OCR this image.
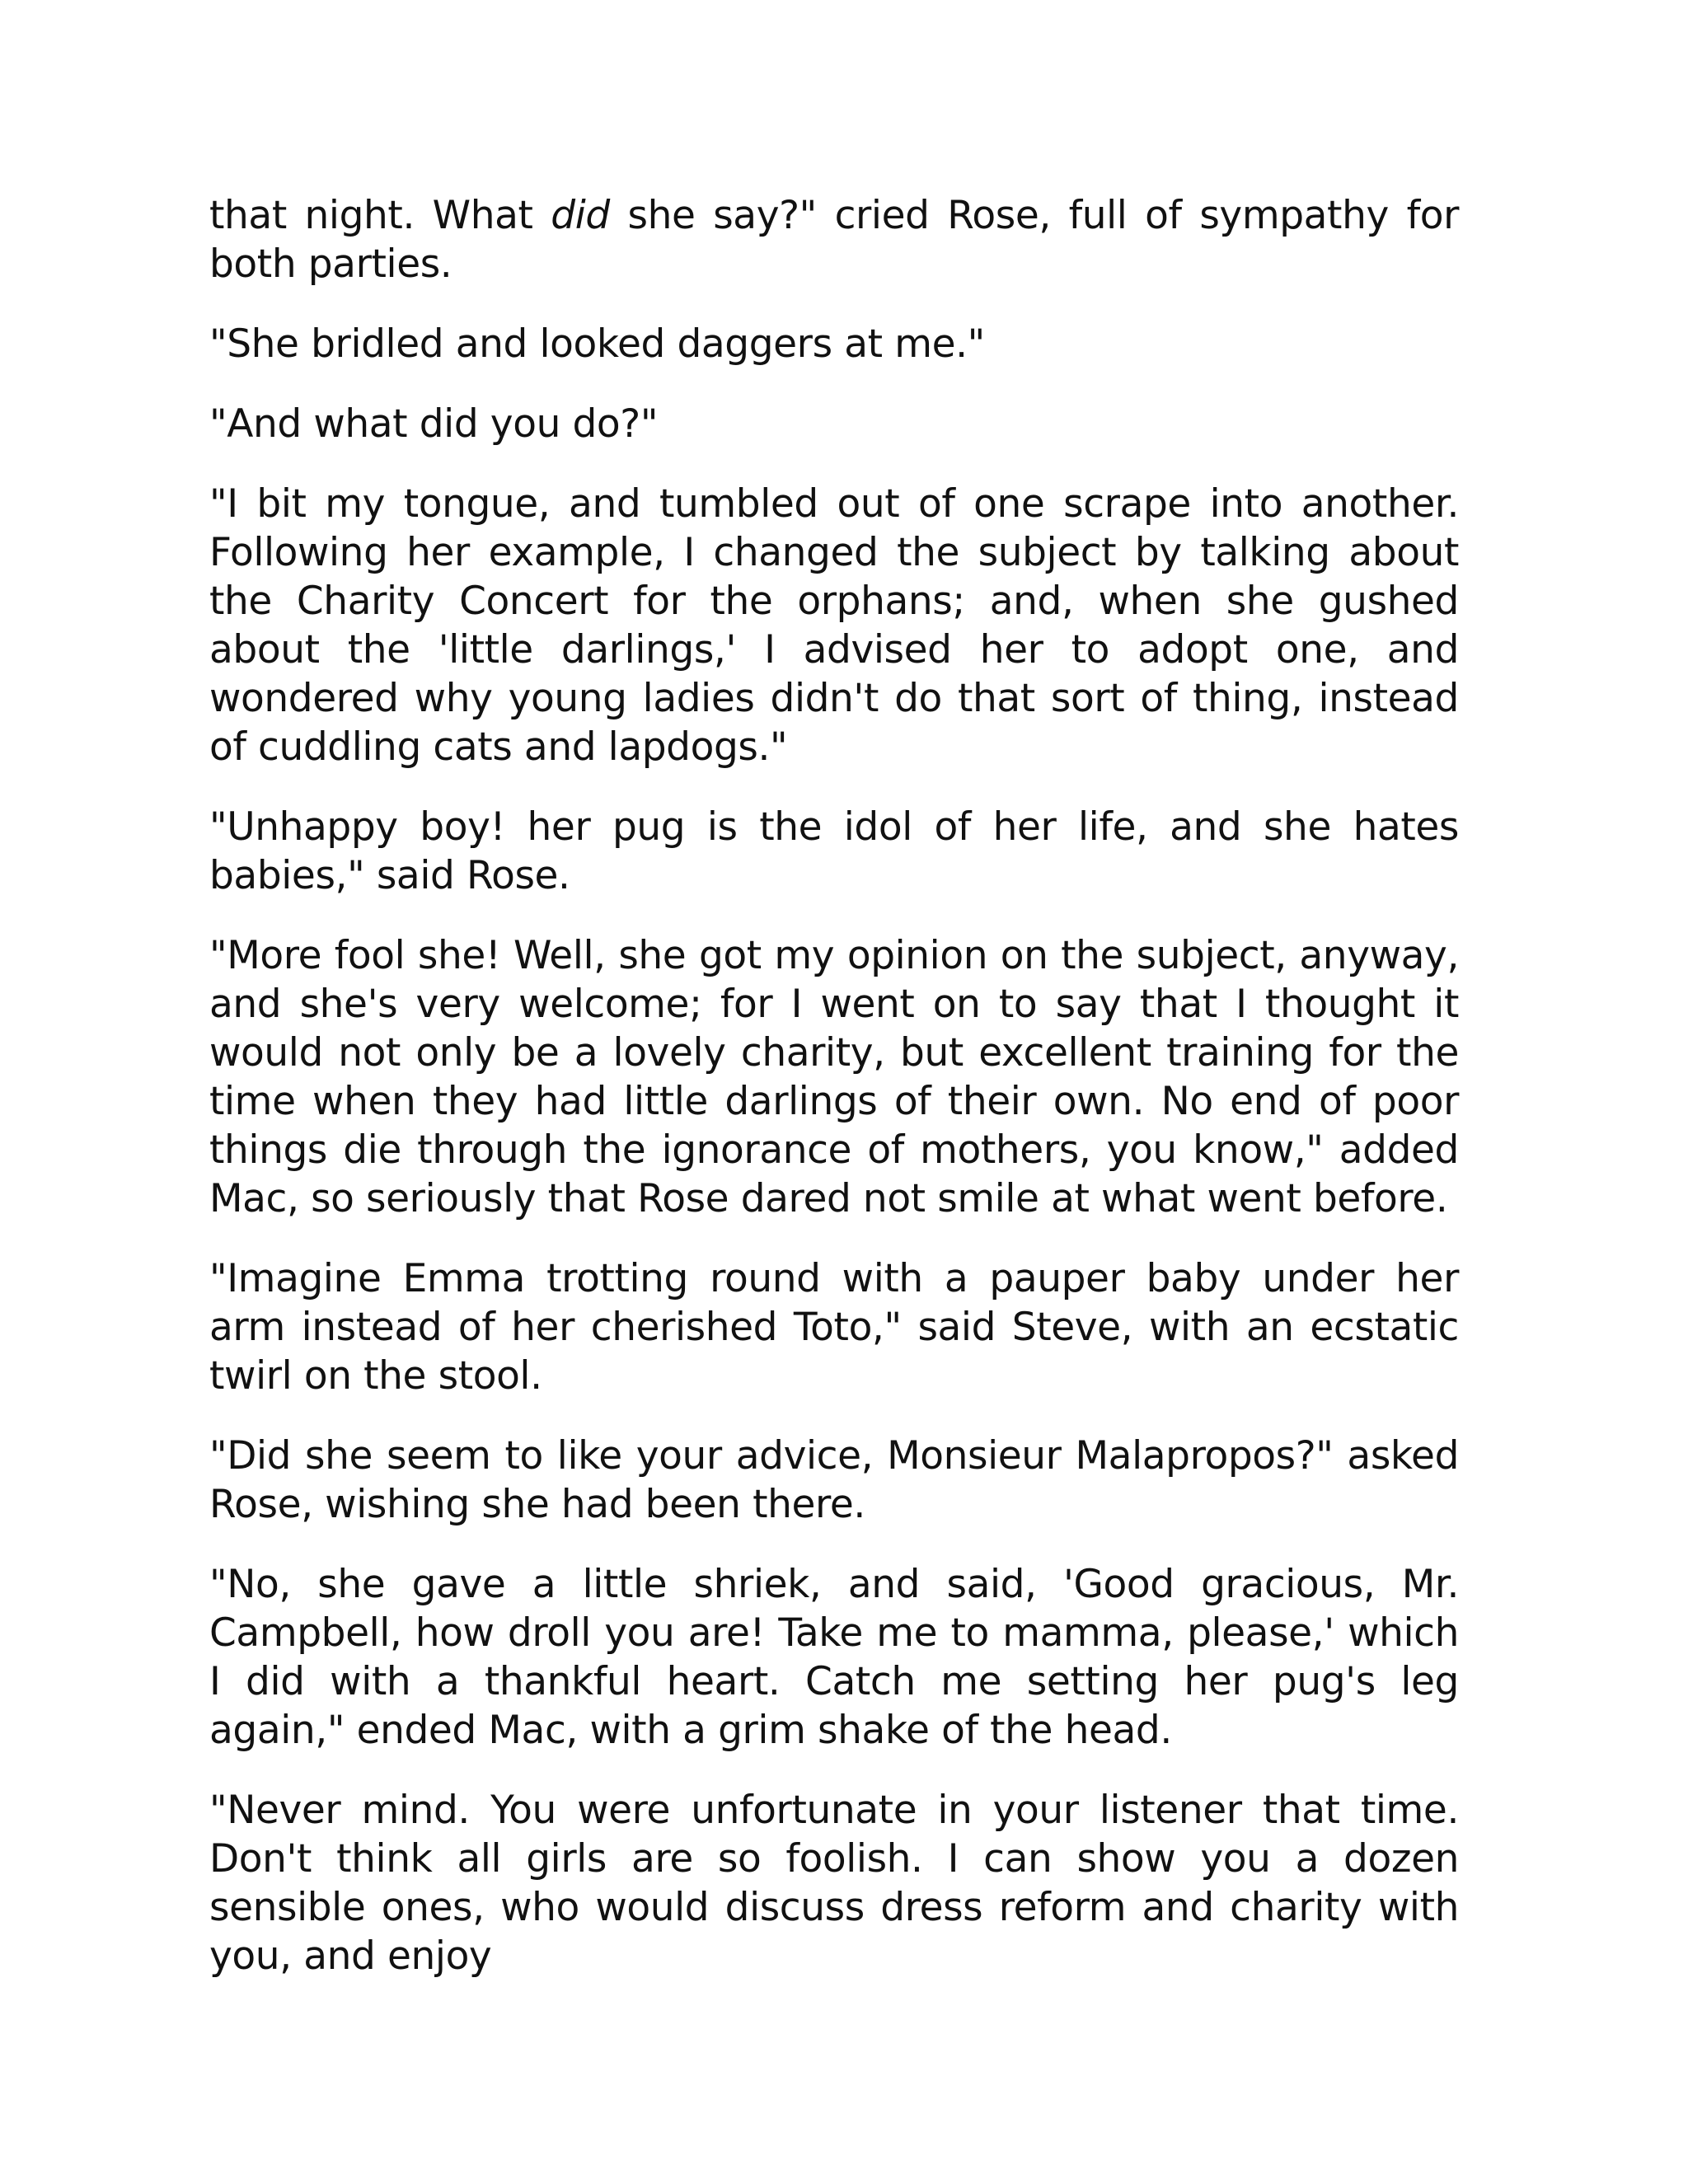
that night. What did she say?" cried Rose, full of sympathy for both parties.

"She bridled and looked daggers at me."

"And what did you do?"

"I bit my tongue, and tumbled out of one scrape into another. Following her example, I changed the subject by talking about the Charity Concert for the orphans; and, when she gushed about the 'little darlings,' I advised her to adopt one, and wondered why young ladies didn't do that sort of thing, instead of cuddling cats and lapdogs."

"Unhappy boy! her pug is the idol of her life, and she hates babies," said Rose.

"More fool she! Well, she got my opinion on the subject, anyway, and she's very welcome; for I went on to say that I thought it would not only be a lovely charity, but excellent training for the time when they had little darlings of their own. No end of poor things die through the ignorance of mothers, you know," added Mac, so seriously that Rose dared not smile at what went before.

"Imagine Emma trotting round with a pauper baby under her arm instead of her cherished Toto," said Steve, with an ecstatic twirl on the stool.

"Did she seem to like your advice, Monsieur Malapropos?" asked Rose, wishing she had been there.

"No, she gave a little shriek, and said, 'Good gracious, Mr. Campbell, how droll you are! Take me to mamma, please,' which I did with a thankful heart. Catch me setting her pug's leg again," ended Mac, with a grim shake of the head.

"Never mind. You were unfortunate in your listener that time. Don't think all girls are so foolish. I can show you a dozen sensible ones, who would discuss dress reform and charity with you, and enjoy
